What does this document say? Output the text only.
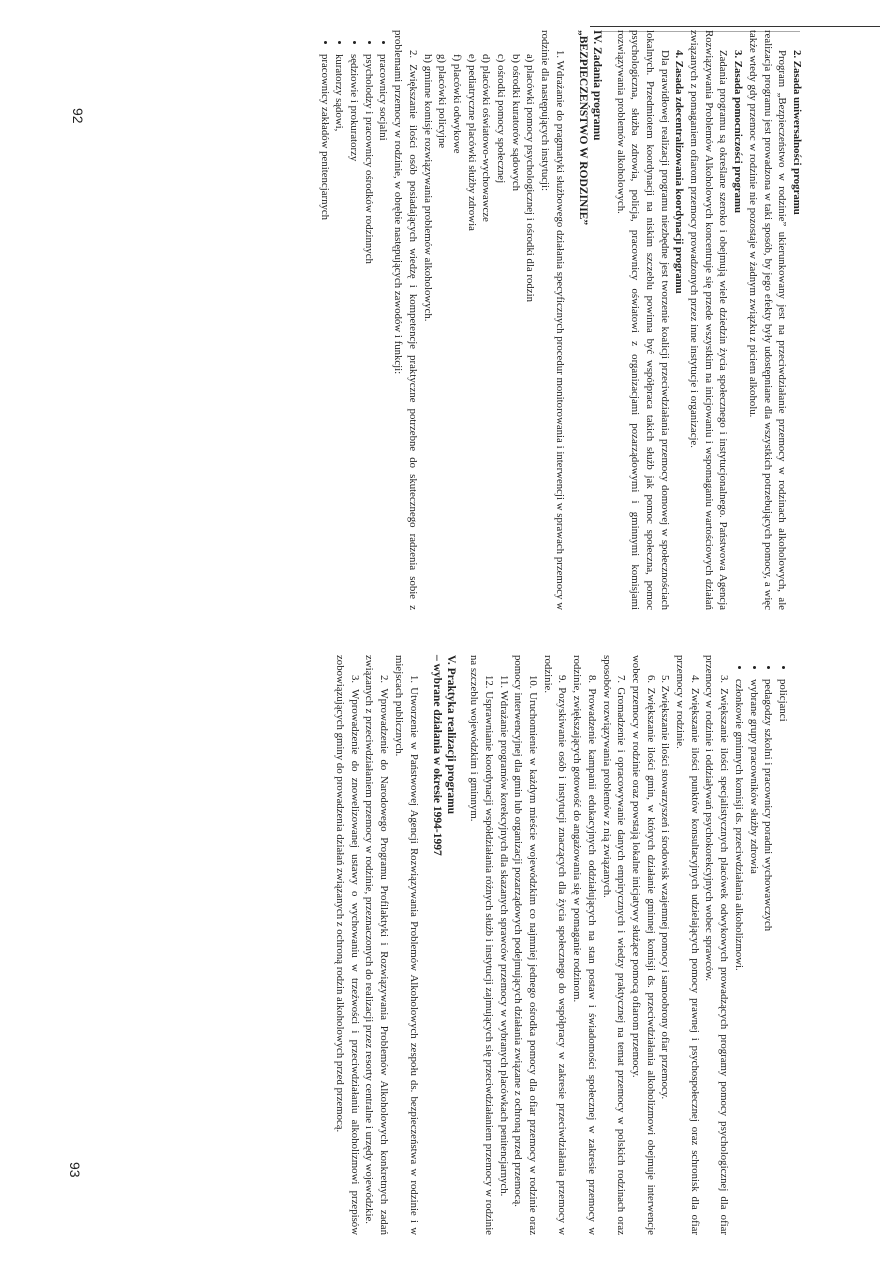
2. Zasada uniwersalności programu

Program „Bezpieczeństwo w rodzinie” ukierunkowany jest na przeciwdziałanie przemocy w rodzinach alkoholowych, ale realizacja programu jest prowadzona w taki sposób, by jego efekty były udostępniane dla wszystkich potrzebujących pomocy, a więc także wtedy gdy przemoc w rodzinie nie pozostaje w żadnym związku z piciem alkoholu.

3. Zasada pomocniczości programu

Zadania programu są określane szeroko i obejmują wiele dziedzin życia społecznego i instytucjonalnego. Państwowa Agencja Rozwiązywania Problemów Alkoholowych koncentruje się przede wszystkim na inicjowaniu i wspomaganiu wartościowych działań związanych z pomaganiem ofiarom przemocy prowadzonych przez inne instytucje i organizacje.

4. Zasada zdecentralizowania koordynacji programu

Dla prawidłowej realizacji programu niezbędne jest tworzenie koalicji przeciwdziałania przemocy domowej w społecznościach lokalnych. Przedmiotem koordynacji na niskim szczeblu powinna być współpraca takich służb jak pomoc społeczna, pomoc psychologiczna, służba zdrowia, policja, pracownicy oświatowi z organizacjami pozarządowymi i gminnymi komisjami rozwiązywania problemów alkoholowych.

IV. Zadania programu
„BEZPIECZEŃSTWO W RODZINIE”

1. Wdrażanie do pragmatyki służbowego działania specyficznych procedur monitorowania i interwencji w sprawach przemocy w rodzinie dla następujących instytucji:

a) placówki pomocy psychologicznej i ośrodki dla rodzin
b) ośrodki kuratorów sądowych
c) ośrodki pomocy społecznej
d) placówki oświatowo-wychowawcze
e) pediatryczne placówki służby zdrowia
f) placówki odwykowe
g) placówki policyjne
h) gminne komisje rozwiązywania problemów alkoholowych.

2. Zwiększanie ilości osób posiadających wiedzę i kompetencje praktyczne potrzebne do skutecznego radzenia sobie z problemami przemocy w rodzinie, w obrębie następujących zawodów i funkcji:

• pracownicy socjalni
• psycholodzy i pracownicy ośrodków rodzinnych
• sędziowie i prokuratorzy
• kuratorzy sądowi,
• pracownicy zakładów penitencjarnych
92
• policjanci
• pedagodzy szkolni i pracownicy poradni wychowawczych
• wybrane grupy pracowników służby zdrowia
• członkowie gminnych komisji ds. przeciwdziałania alkoholizmowi.

3. Zwiększanie ilości specjalistycznych placówek odwykowych prowadzących programy pomocy psychologicznej dla ofiar przemocy w rodzinie i oddziaływań psychokorekcyjnych wobec sprawców.

4. Zwiększanie ilości punktów konsultacyjnych udzielających pomocy prawnej i psychospołecznej oraz schronisk dla ofiar przemocy w rodzinie.

5. Zwiększanie ilości stowarzyszeń i środowisk wzajemnej pomocy i samoobrony ofiar przemocy.

6. Zwiększanie ilości gmin, w których działanie gminnej komisji ds. przeciwdziałania alkoholizmowi obejmuje interwencje wobec przemocy w rodzinie oraz powstają lokalne inicjatywy służące pomocą ofiarom przemocy.

7. Gromadzenie i opracowywanie danych empirycznych i wiedzy praktycznej na temat przemocy w polskich rodzinach oraz sposobów rozwiązywania problemów z nią związanych.

8. Prowadzenie kampanii edukacyjnych oddziałujących na stan postaw i świadomości społecznej w zakresie przemocy w rodzinie, zwiększających gotowość do angażowania się w pomaganie rodzinom.

9. Pozyskiwanie osób i instytucji znaczących dla życia społecznego do współpracy w zakresie przeciwdziałania przemocy w rodzinie.

10. Uruchomienie w każdym mieście wojewódzkim co najmniej jednego ośrodka pomocy dla ofiar przemocy w rodzinie oraz pomocy interwencyjnej dla gmin lub organizacji pozarządowych podejmujących działania związane z ochroną przed przemocą.

11. Wdrażanie programów korekcyjnych dla skazanych sprawców przemocy w wybranych placówkach penitencjarnych.

12. Usprawnianie koordynacji współdziałania różnych służb i instytucji zajmujących się przeciwdziałaniem przemocy w rodzinie na szczeblu wojewódzkim i gminnym.

V. Praktyka realizacji programu
– wybrane działania w okresie 1994-1997

1. Utworzenie w Państwowej Agencji Rozwiązywania Problemów Alkoholowych zespołu ds. bezpieczeństwa w rodzinie i w miejscach publicznych.

2. Wprowadzenie do Narodowego Programu Profilaktyki i Rozwiązywania Problemów Alkoholowych konkretnych zadań związanych z przeciwdziałaniem przemocy w rodzinie, przeznaczonych do realizacji przez resorty centralne i urzędy wojewódzkie.

3. Wprowadzenie do znowelizowanej ustawy o wychowaniu w trzeźwości i przeciwdziałaniu alkoholizmowi przepisów zobowiązujących gminy do prowadzenia działań związanych z ochroną rodzin alkoholowych przed przemocą.

93
